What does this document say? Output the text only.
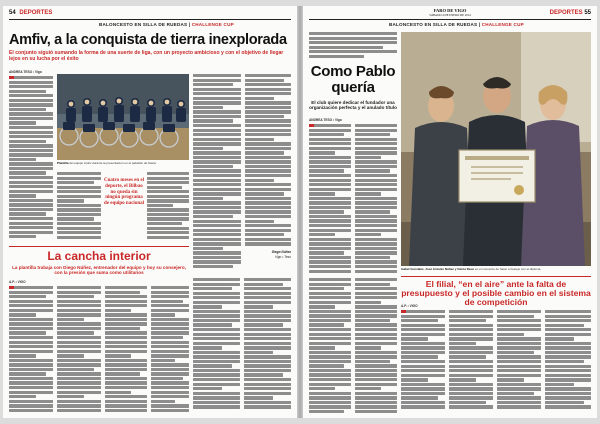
54 DEPORTES
BALONCESTO EN SILLA DE RUEDAS | CHALLENGE CUP
Amfiv, a la conquista de tierra inexplorada
El conjunto siguió sumando la forma de una suerte de liga, con un proyecto ambicioso y con el objetivo de llegar lejos en su lucha por el éxito
ANDREA TESO • Vigo
Plantilla del equipo Amfiv durante la presentación en el pabellón de Navia.
Cuatro meses en el deporte, el Bilbao no queda sin ningún programa de equipo nacional
Diego Núñez
Vigo • Teso
La cancha interior
La plantilla trabaja con Diego Núñez, entrenador del equipo y hoy su consejero, con la presión que suma como utilitarios
A.P. • VIGO
FARO DE VIGO
SÁBADO 4 DE ENERO DE 2014	DEPORTES 55
BALONCESTO EN SILLA DE RUEDAS | CHALLENGE CUP
Como Pablo quería
El club quiere dedicar el fundador una organización perfecta y el anulado título
ANDREA TESO • Vigo
Isabel González, José Antonio Núñez y Gloria Deus en el momento de hacer el festejo con el diploma.
El filial, “en el aire” ante la falta de presupuesto y el posible cambio en el sistema de competición
A.P. • VIGO
